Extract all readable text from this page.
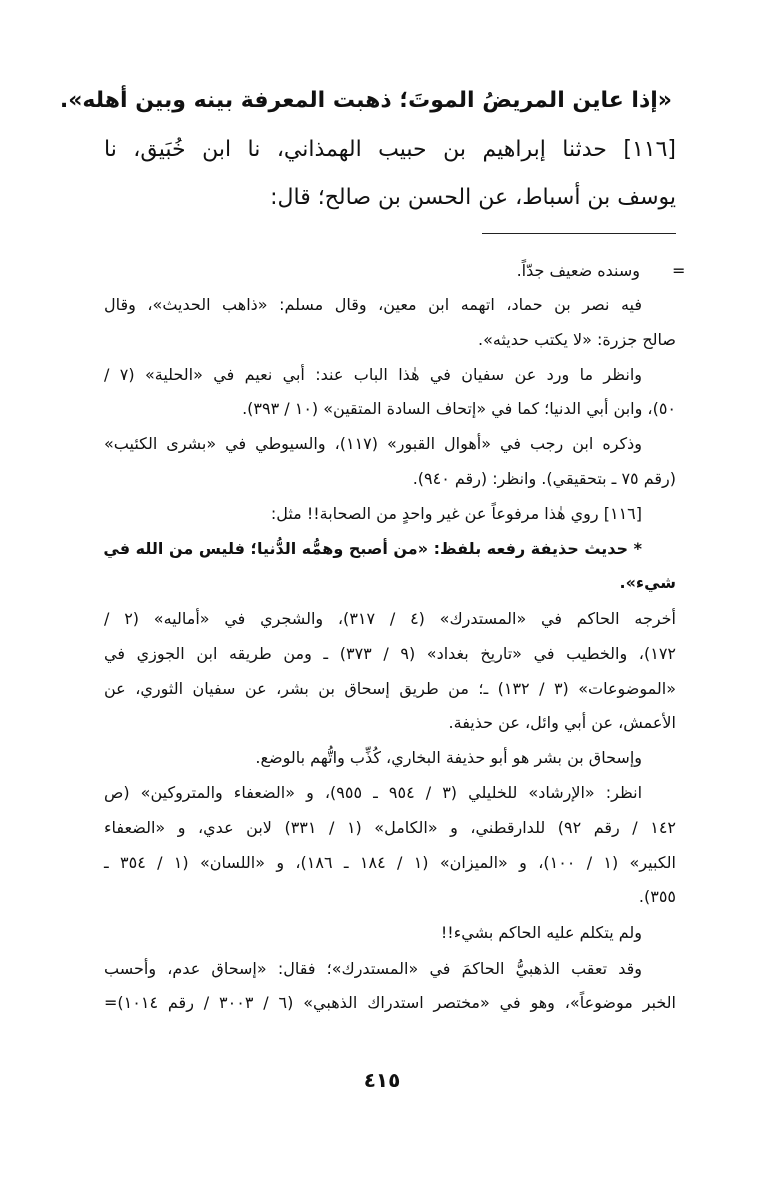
«إذا عاين المريضُ الموتَ؛ ذهبت المعرفة بينه وبين أهله».
[١١٦] حدثنا إبراهيم بن حبيب الهمذاني، نا ابن خُبَيق، نا
يوسف بن أسباط، عن الحسن بن صالح؛ قال:
=
وسنده ضعيف جدّاً.
فيه نصر بن حماد، اتهمه ابن معين، وقال مسلم: «ذاهب الحديث»، وقال
صالح جزرة: «لا يكتب حديثه».
وانظر ما ورد عن سفيان في هٰذا الباب عند: أبي نعيم في «الحلية» (٧ /
٥٠)، وابن أبي الدنيا؛ كما في «إتحاف السادة المتقين» (١٠ / ٣٩٣).
وذكره ابن رجب في «أهوال القبور» (١١٧)، والسيوطي في «بشرى الكئيب»
(رقم ٧٥ ـ بتحقيقي). وانظر: (رقم ٩٤٠).
[١١٦] روي هٰذا مرفوعاً عن غير واحدٍ من الصحابة!! مثل:
* حديث حذيفة رفعه بلفظ: «من أصبح وهمُّه الدُّنيا؛ فليس من الله في
شيء».
أخرجه الحاكم في «المستدرك» (٤ / ٣١٧)، والشجري في «أماليه» (٢ /
١٧٢)، والخطيب في «تاريخ بغداد» (٩ / ٣٧٣) ـ ومن طريقه ابن الجوزي في
«الموضوعات» (٣ / ١٣٢) ـ؛ من طريق إسحاق بن بشر، عن سفيان الثوري، عن
الأعمش، عن أبي وائل، عن حذيفة.
وإسحاق بن بشر هو أبو حذيفة البخاري، كُذِّب واتُّهم بالوضع.
انظر: «الإرشاد» للخليلي (٣ / ٩٥٤ ـ ٩٥٥)، و «الضعفاء والمتروكين» (ص
١٤٢ / رقم ٩٢) للدارقطني، و «الكامل» (١ / ٣٣١) لابن عدي، و «الضعفاء
الكبير» (١ / ١٠٠)، و «الميزان» (١ / ١٨٤ ـ ١٨٦)، و «اللسان» (١ / ٣٥٤ ـ
٣٥٥).
ولم يتكلم عليه الحاكم بشيء!!
وقد تعقب الذهبيُّ الحاكمَ في «المستدرك»؛ فقال: «إسحاق عدم، وأحسب
الخبر موضوعاً»، وهو في «مختصر استدراك الذهبي» (٦ / ٣٠٠٣ / رقم ١٠١٤)=
٤١٥
